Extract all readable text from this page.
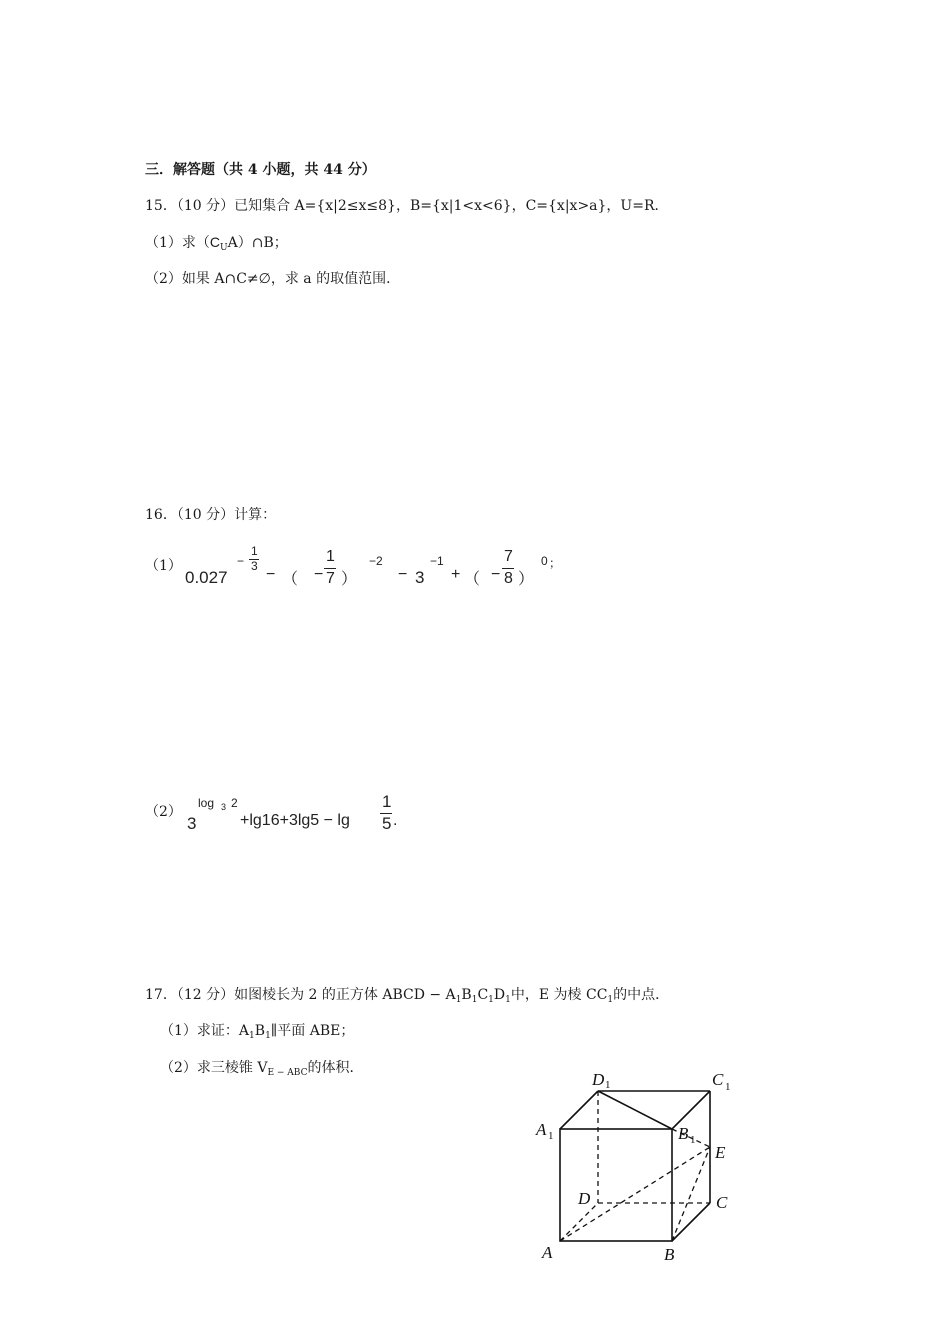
三．解答题（共 4 小题，共 44 分）
15．（10 分）已知集合 A={x|2≤x≤8}，B={x|1<x<6}，C={x|x>a}，U=R．
（1）求$(C_UA)\cap B$；
（2）如果 A∩C≠∅，求 a 的取值范围．
16．（10 分）计算：
（1）
0.027
−
1
3 − （ −
1
7 ）
−2
− 3
−1
+ （ −
7
8 ）
0 ；
（2）
3
log 3 2
+lg16+3lg5 − lg
1
5 .
17．（12 分）如图棱长为 2 的正方体 ABCD − $A_1B_1C_1D_1$中，E 为棱 $CC_1$的中点．
（1）求证：$A_1B_1\parallel$平面 ABE；
（2）求三棱锥 $V_{E - ABC}$的体积．
D 1	C 1
A 1	B 1
E
D	C
A	B
